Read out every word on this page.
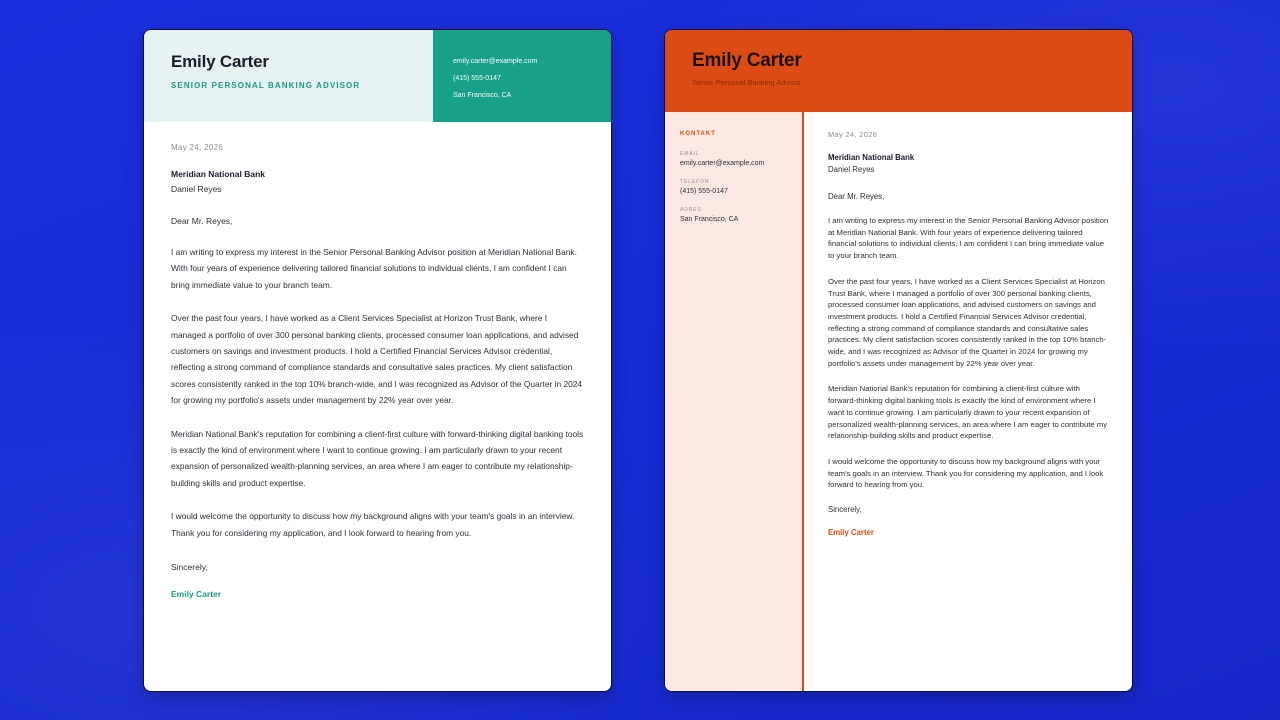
Emily Carter
SENIOR PERSONAL BANKING ADVISOR
emily.carter@example.com
(415) 555-0147
San Francisco, CA
May 24, 2026
Meridian National Bank
Daniel Reyes
Dear Mr. Reyes,

I am writing to express my interest in the Senior Personal Banking Advisor position at Meridian National Bank. With four years of experience delivering tailored financial solutions to individual clients, I am confident I can bring immediate value to your branch team.

Over the past four years, I have worked as a Client Services Specialist at Horizon Trust Bank, where I managed a portfolio of over 300 personal banking clients, processed consumer loan applications, and advised customers on savings and investment products. I hold a Certified Financial Services Advisor credential, reflecting a strong command of compliance standards and consultative sales practices. My client satisfaction scores consistently ranked in the top 10% branch-wide, and I was recognized as Advisor of the Quarter in 2024 for growing my portfolio's assets under management by 22% year over year.

Meridian National Bank's reputation for combining a client-first culture with forward-thinking digital banking tools is exactly the kind of environment where I want to continue growing. I am particularly drawn to your recent expansion of personalized wealth-planning services, an area where I am eager to contribute my relationship-building skills and product expertise.

I would welcome the opportunity to discuss how my background aligns with your team's goals in an interview. Thank you for considering my application, and I look forward to hearing from you.

Sincerely,
Emily Carter
Emily Carter
Senior Personal Banking Advisor
KONTAKT
EMAIL
emily.carter@example.com
TELEFON
(415) 555-0147
ADRES
San Francisco, CA
May 24, 2026
Meridian National Bank
Daniel Reyes
Dear Mr. Reyes,

I am writing to express my interest in the Senior Personal Banking Advisor position at Meridian National Bank. With four years of experience delivering tailored financial solutions to individual clients, I am confident I can bring immediate value to your branch team.

Over the past four years, I have worked as a Client Services Specialist at Horizon Trust Bank, where I managed a portfolio of over 300 personal banking clients, processed consumer loan applications, and advised customers on savings and investment products. I hold a Certified Financial Services Advisor credential, reflecting a strong command of compliance standards and consultative sales practices. My client satisfaction scores consistently ranked in the top 10% branch-wide, and I was recognized as Advisor of the Quarter in 2024 for growing my portfolio's assets under management by 22% year over year.

Meridian National Bank's reputation for combining a client-first culture with forward-thinking digital banking tools is exactly the kind of environment where I want to continue growing. I am particularly drawn to your recent expansion of personalized wealth-planning services, an area where I am eager to contribute my relationship-building skills and product expertise.

I would welcome the opportunity to discuss how my background aligns with your team's goals in an interview. Thank you for considering my application, and I look forward to hearing from you.

Sincerely,
Emily Carter
